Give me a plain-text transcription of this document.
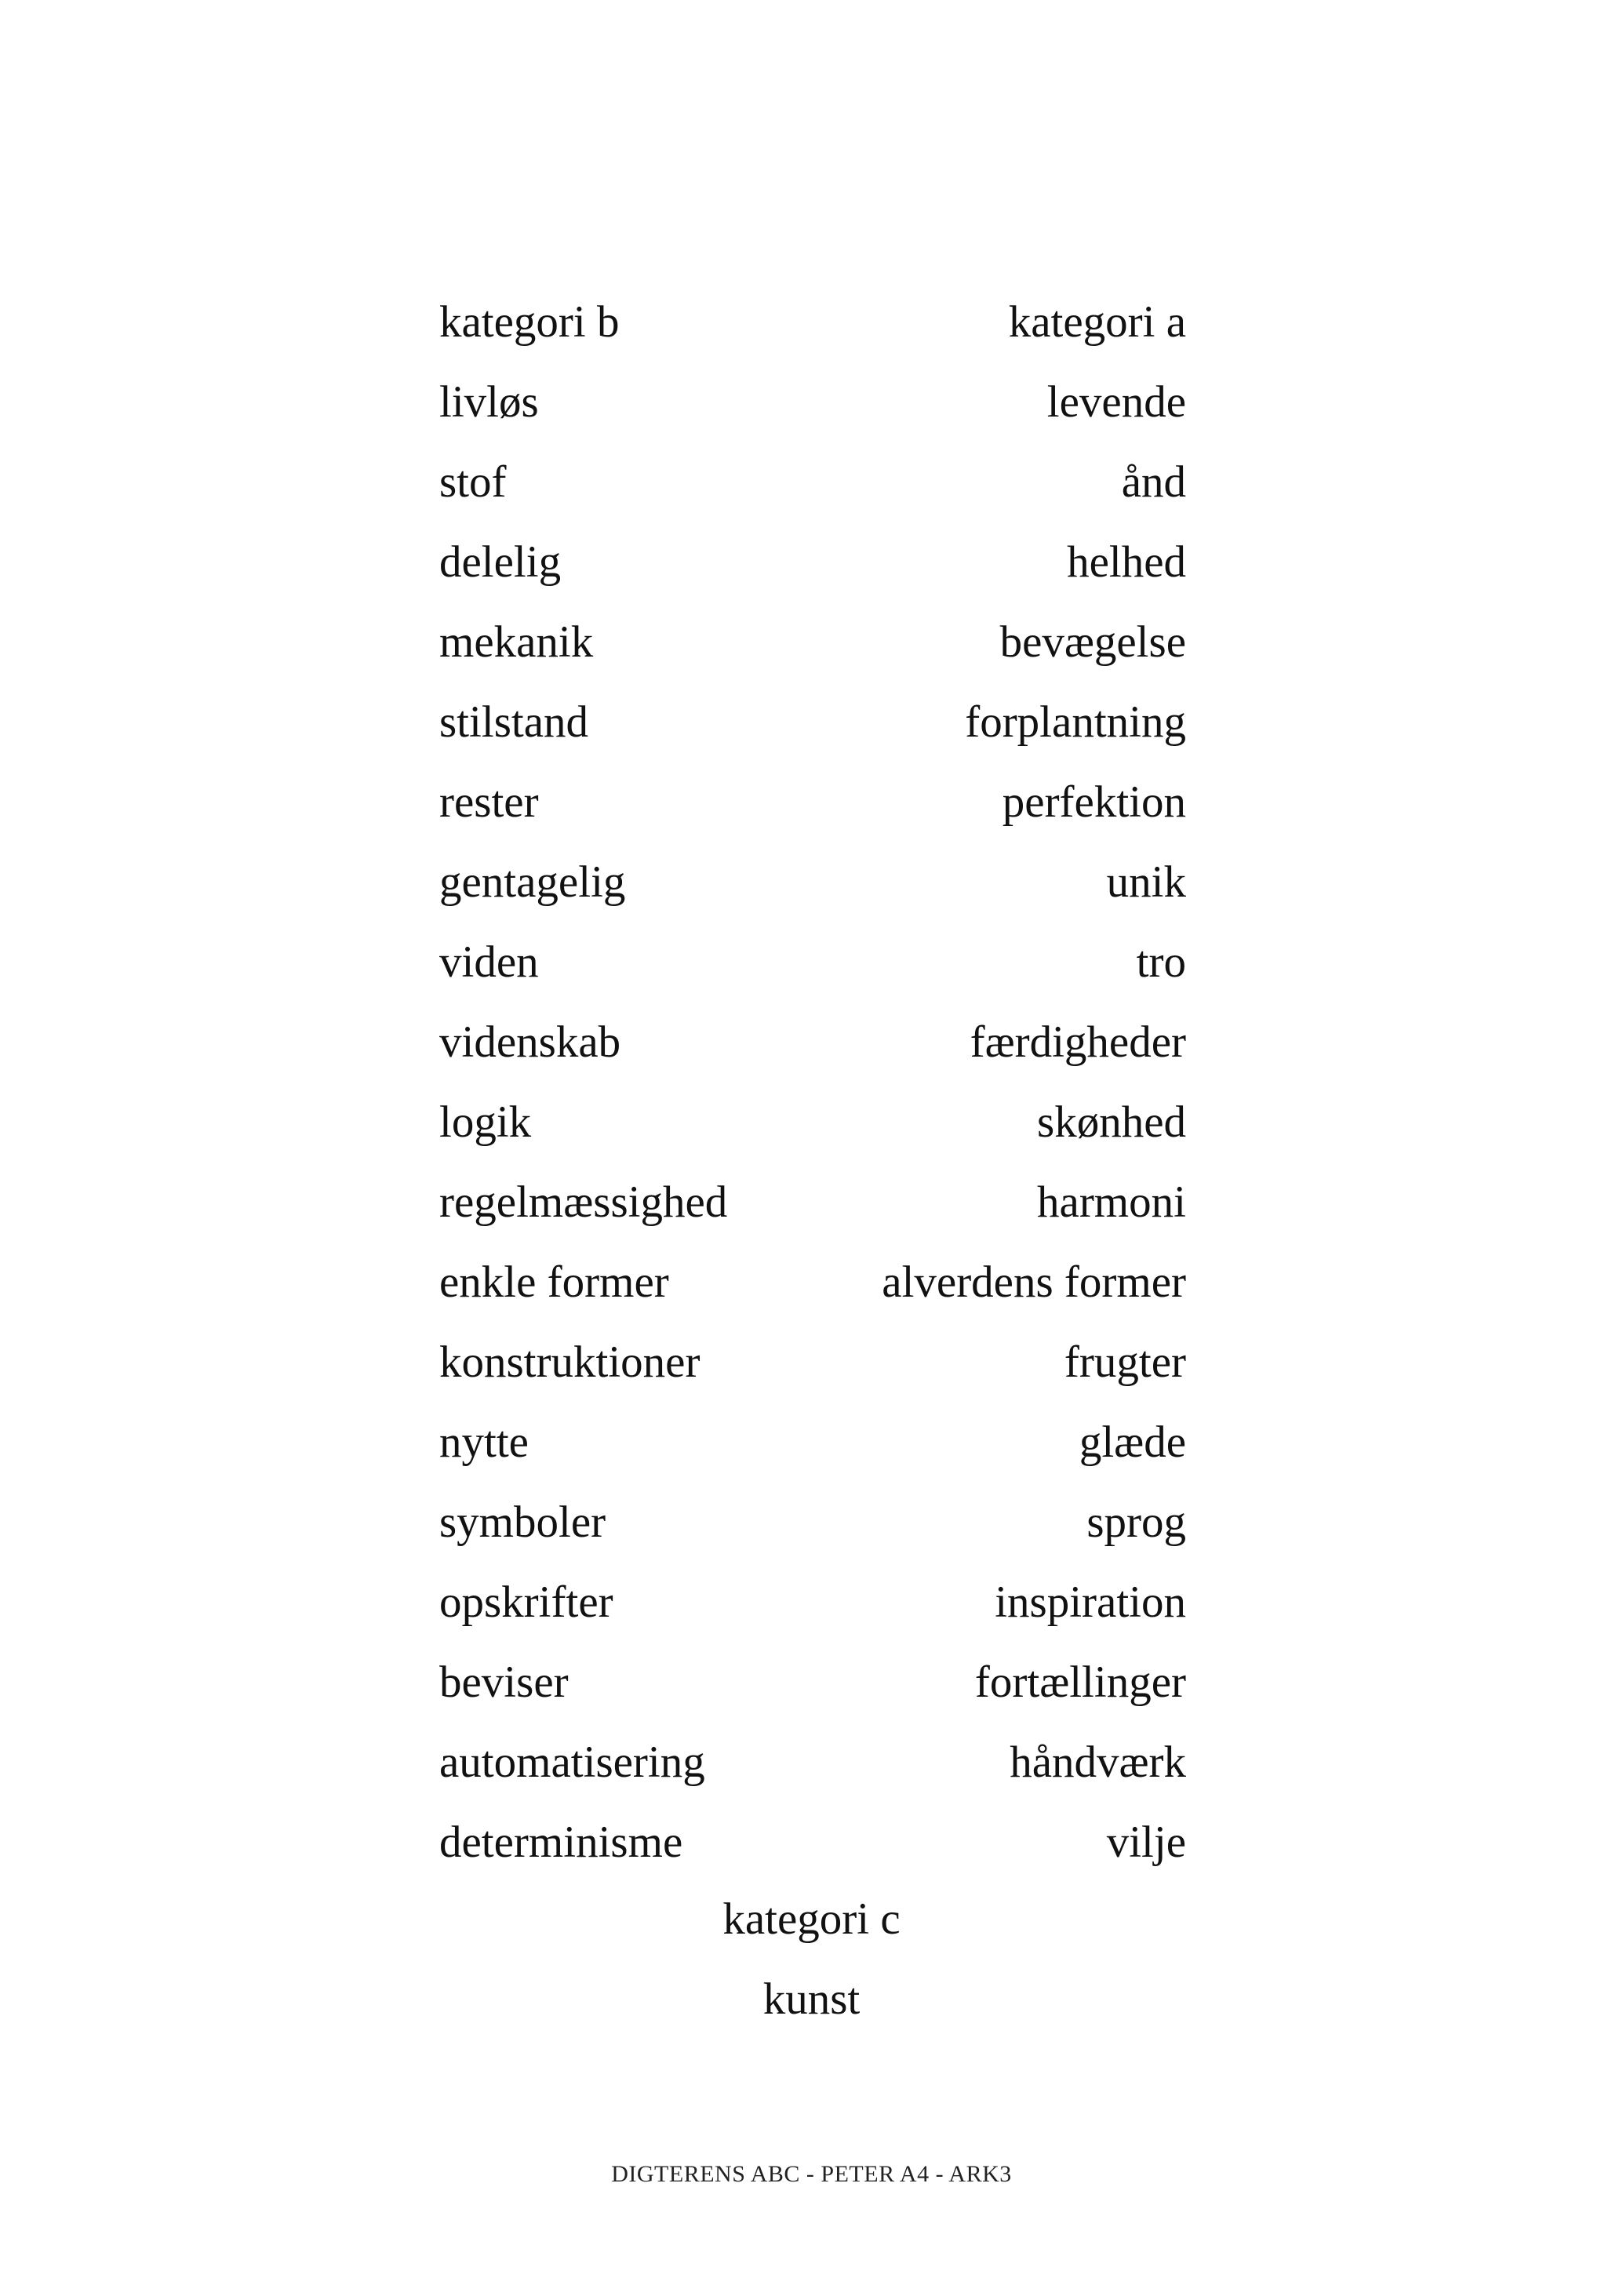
kategori b	kategori a
livløs	levende
stof	ånd
delelig	helhed
mekanik	bevægelse
stilstand	forplantning
rester	perfektion
gentagelig	unik
viden	tro
videnskab	færdigheder
logik	skønhed
regelmæssighed	harmoni
enkle former	alverdens former
konstruktioner	frugter
nytte	glæde
symboler	sprog
opskrifter	inspiration
beviser	fortællinger
automatisering	håndværk
determinisme	vilje
kategori c
kunst
DIGTERENS ABC - PETER A4 - ARK3
